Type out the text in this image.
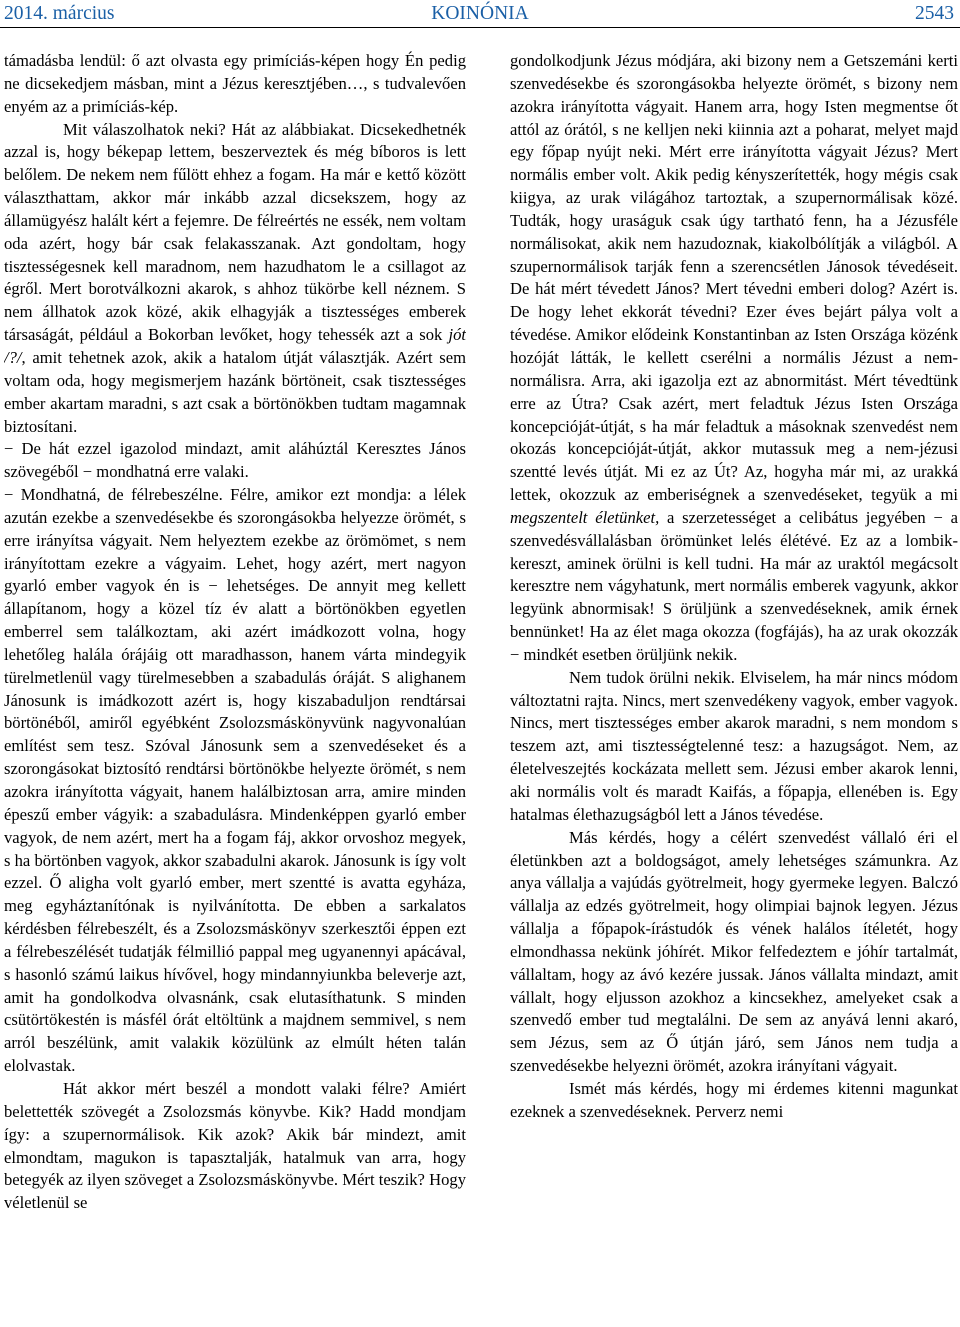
KOINÓNIA
2014. március	2543

támadásba lendül: ő azt olvasta egy primíciás-képen hogy Én pedig ne dicsekedjem másban, mint a Jézus keresztjében…, s tudvalevően enyém az a primíciás-kép.

Mit válaszolhatok neki? Hát az alábbiakat. Dicsekedhetnék azzal is, hogy békepap lettem, beszerveztek és még bíboros is lett belőlem. De nekem nem fűlött ehhez a fogam. Ha már e kettő között választhattam, akkor már inkább azzal dicsekszem, hogy az államügyész halált kért a fejemre. De félreértés ne essék, nem voltam oda azért, hogy bár csak felakasszanak. Azt gondoltam, hogy tisztességesnek kell maradnom, nem hazudhatom le a csillagot az égről. Mert borotválkozni akarok, s ahhoz tükörbe kell néznem. S nem állhatok azok közé, akik elhagyják a tisztességes emberek társaságát, például a Bokorban levőket, hogy tehessék azt a sok jót /?/, amit tehetnek azok, akik a hatalom útját választják. Azért sem voltam oda, hogy megismerjem hazánk börtöneit, csak tisztességes ember akartam maradni, s azt csak a börtönökben tudtam magamnak biztosítani.

− De hát ezzel igazolod mindazt, amit aláhúztál Keresztes János szövegéből − mondhatná erre valaki.

− Mondhatná, de félrebeszélne. Félre, amikor ezt mondja: a lélek azután ezekbe a szenvedésekbe és szorongásokba helyezze örömét, s erre irányítsa vágyait. Nem helyeztem ezekbe az örömömet, s nem irányítottam ezekre a vágyaim. Lehet, hogy azért, mert nagyon gyarló ember vagyok én is − lehetséges. De annyit meg kellett állapítanom, hogy a közel tíz év alatt a börtönökben egyetlen emberrel sem találkoztam, aki azért imádkozott volna, hogy lehetőleg halála órájáig ott maradhasson, hanem várta mindegyik türelmetlenül vagy türelmesebben a szabadulás óráját. S alighanem Jánosunk is imádkozott azért is, hogy kiszabaduljon rendtársai börtönéből, amiről egyébként Zsolozsmáskönyvünk nagyvonalúan említést sem tesz. Szóval Jánosunk sem a szenvedéseket és a szorongásokat biztosító rendtársi börtönökbe helyezte örömét, s nem azokra irányította vágyait, hanem halálbiztosan arra, amire minden épeszű ember vágyik: a szabadulásra. Mindenképpen gyarló ember vagyok, de nem azért, mert ha a fogam fáj, akkor orvoshoz megyek, s ha börtönben vagyok, akkor szabadulni akarok. Jánosunk is így volt ezzel. Ő aligha volt gyarló ember, mert szentté is avatta egyháza, meg egyháztanítónak is nyilvánította. De ebben a sarkalatos kérdésben félrebeszélt, és a Zsolozsmáskönyv szerkesztői éppen ezt a félrebeszélését tudatják félmillió pappal meg ugyanennyi apácával, s hasonló számú laikus hívővel, hogy mindannyiunkba beleverje azt, amit ha gondolkodva olvasnánk, csak elutasíthatunk. S minden csütörtökestén is másfél órát eltöltünk a majdnem semmivel, s nem arról beszélünk, amit valakik közülünk az elmúlt héten talán elolvastak.

Hát akkor mért beszél a mondott valaki félre? Amiért belettették szövegét a Zsolozsmás könyvbe. Kik? Hadd mondjam így: a szupernormálisok. Kik azok? Akik bár mindezt, amit elmondtam, magukon is tapasztalják, hatalmuk van arra, hogy betegyék az ilyen szöveget a Zsolozsmáskönyvbe. Mért teszik? Hogy véletlenül se

gondolkodjunk Jézus módjára, aki bizony nem a Getszemáni kerti szenvedésekbe és szorongásokba helyezte örömét, s bizony nem azokra irányította vágyait. Hanem arra, hogy Isten megmentse őt attól az órától, s ne kelljen neki kiinnia azt a poharat, melyet majd egy főpap nyújt neki. Mért erre irányította vágyait Jézus? Mert normális ember volt. Akik pedig kényszerítették, hogy mégis csak kiigya, az urak világához tartoztak, a szupernormálisak közé. Tudták, hogy uraságuk csak úgy tartható fenn, ha a Jézusféle normálisokat, akik nem hazudoznak, kiakolbólítják a világból. A szupernormálisok tarják fenn a szerencsétlen Jánosok tévedéseit. De hát mért tévedett János? Mert tévedni emberi dolog? Azért is. De hogy lehet ekkorát tévedni? Ezer éves bejárt pálya volt a tévedése. Amikor elődeink Konstantinban az Isten Országa közénk hozóját látták, le kellett cserélni a normális Jézust a nem-normálisra. Arra, aki igazolja ezt az abnormitást. Mért tévedtünk erre az Útra? Csak azért, mert feladtuk Jézus Isten Országa koncepcióját-útját, s ha már feladtuk a másoknak szenvedést nem okozás koncepcióját-útját, akkor mutassuk meg a nem-jézusi szentté levés útját. Mi ez az Út? Az, hogyha már mi, az urakká lettek, okozzuk az emberiségnek a szenvedéseket, tegyük a mi megszentelt életünket, a szerzetességet a celibátus jegyében − a szenvedésvállalásban örömünket lelés élétévé. Ez az a lombik-kereszt, aminek örülni is kell tudni. Ha már az uraktól megácsolt keresztre nem vágyhatunk, mert normális emberek vagyunk, akkor legyünk abnormisak! S örüljünk a szenvedéseknek, amik érnek bennünket! Ha az élet maga okozza (fogfájás), ha az urak okozzák − mindkét esetben örüljünk nekik.

Nem tudok örülni nekik. Elviselem, ha már nincs módom változtatni rajta. Nincs, mert szenvedékeny vagyok, ember vagyok. Nincs, mert tisztességes ember akarok maradni, s nem mondom s teszem azt, ami tisztességtelenné tesz: a hazugságot. Nem, az életelveszejtés kockázata mellett sem. Jézusi ember akarok lenni, aki normális volt és maradt Kaifás, a főpapja, ellenében is. Egy hatalmas élethazugságból lett a János tévedése.

Más kérdés, hogy a célért szenvedést vállaló éri el életünkben azt a boldogságot, amely lehetséges számunkra. Az anya vállalja a vajúdás gyötrelmeit, hogy gyermeke legyen. Balczó vállalja az edzés gyötrelmeit, hogy olimpiai bajnok legyen. Jézus vállalja a főpapok-írástudók és vének halálos ítéletét, hogy elmondhassa nekünk jóhírét. Mikor felfedeztem e jóhír tartalmát, vállaltam, hogy az ávó kezére jussak. János vállalta mindazt, amit vállalt, hogy eljusson azokhoz a kincsekhez, amelyeket csak a szenvedő ember tud megtalálni. De sem az anyává lenni akaró, sem Jézus, sem az Ő útján járó, sem János nem tudja a szenvedésekbe helyezni örömét, azokra irányítani vágyait.

Ismét más kérdés, hogy mi érdemes kitenni magunkat ezeknek a szenvedéseknek. Perverz nemi
